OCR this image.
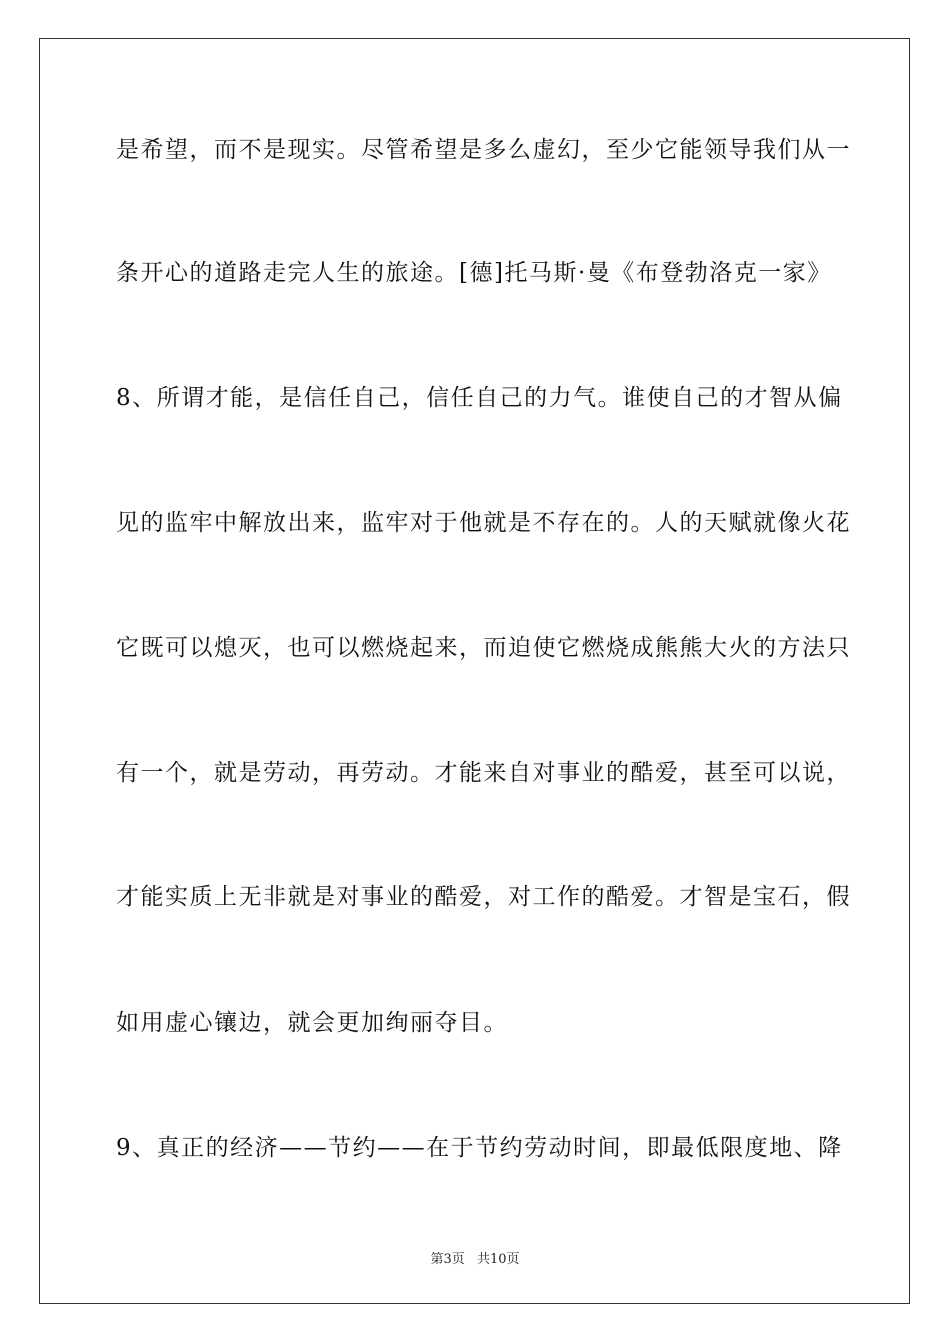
是希望，而不是现实。尽管希望是多么虚幻，至少它能领导我们从一
条开心的道路走完人生的旅途。[德]托马斯·曼《布登勃洛克一家》
8、所谓才能，是信任自己，信任自己的力气。谁使自己的才智从偏
见的监牢中解放出来，监牢对于他就是不存在的。人的天赋就像火花
它既可以熄灭，也可以燃烧起来，而迫使它燃烧成熊熊大火的方法只
有一个，就是劳动，再劳动。才能来自对事业的酷爱，甚至可以说，
才能实质上无非就是对事业的酷爱，对工作的酷爱。才智是宝石，假
如用虚心镶边，就会更加绚丽夺目。
9、真正的经济——节约——在于节约劳动时间，即最低限度地、降
第3页 共10页
